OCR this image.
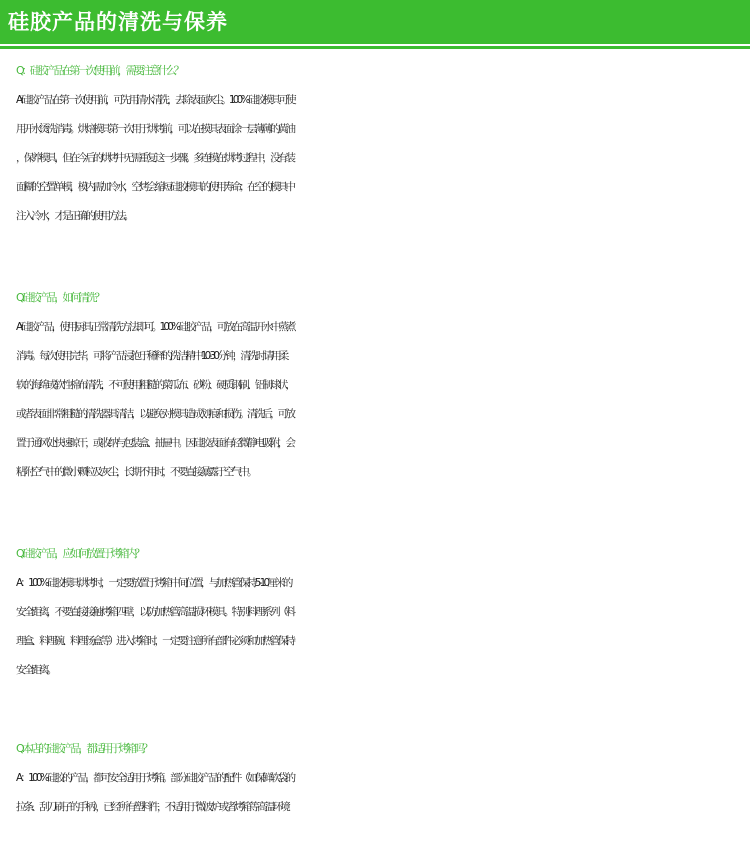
硅胶产品的清洗与保养
Q：硅胶产品在第一次使用前，需要注意什么？
A:硅胶产品在第一次使用前，可先用清水清洗，去除表面灰尘。100%硅胶模具可使
用开水烫洗消毒。烘焙模具第一次用于烘烤前，可以在模具表面涂一层薄薄的黄油
，保养模具，但在今后的烘烤中无需重复这一步骤。多连模在烘烤过程中，没有装
面糊的空置单模，模内需加冷水，空烤会缩短硅胶模具的使用寿命；在空的模具中
注入冷水，才是正确的使用方法。
Q:硅胶产品，如何清洗？
A:硅胶产品，使用厨具正常清洗方法即可。100%硅胶产品，可放在高温开水中蒸煮
消毒。每次使用完毕，可将产品浸泡于稀释的洗洁精中10-30分钟，清洗时请用柔
软的海绵或软性棉布清洗，不可使用粗糙的菜瓜布、砂粉、硬质钢刷、铝制球状，
或者表面非常粗糙的清洗器具清洁，以避免对模具造成划痕和损伤。清洗后，可放
置于通风处快速晾干，或收纳与包装盒、抽屉中。因硅胶表面有轻微静电吸附，会
粘附空气中的微小颗粒及灰尘，长期不用时，不要直接暴露于空气中。
Q:硅胶产品，应如何放置于烤箱内？
A：100%硅胶模具烘烤时，一定要放置于烤箱中间位置，与加热管保持5-10厘米的
安全距离，不要直接接触烤箱四壁，以防加热管高温损坏模具。特别料理系列（料
理盒、料理碗、料理汤盒等）进入烤箱时，一定要注意所有部件必须和加热管保持
安全距离。
Q:本店的硅胶产品，都适用于烤箱吗？
A：100%硅胶的产品，都可安全适用于烤箱。部分硅胶产品的配件（如保鲜软袋的
拉条、刮刀刷子的手柄），已经所有塑料件，不适用于微波炉或者烤箱等高温环境
